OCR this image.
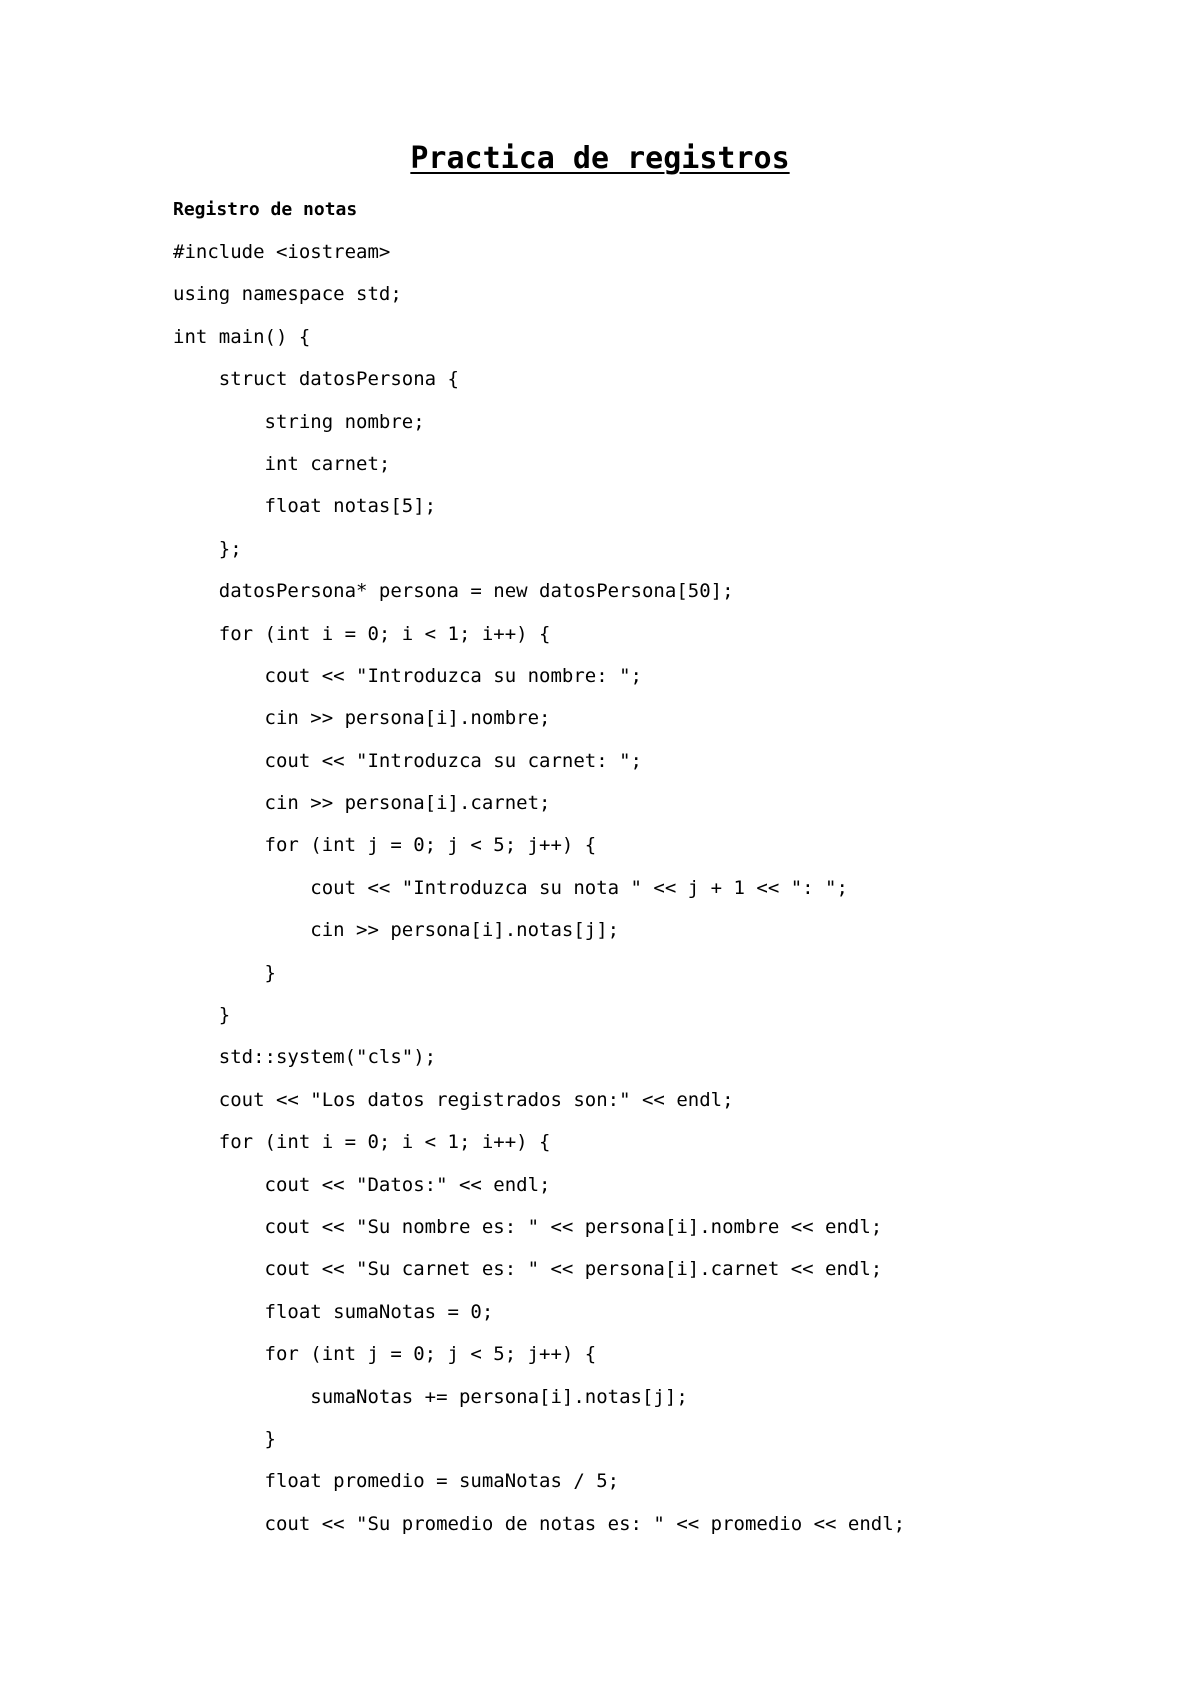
Practica de registros

Registro de notas

#include <iostream>
using namespace std;
int main() {
struct datosPersona {
string nombre;
int carnet;
float notas[5];
};
datosPersona* persona = new datosPersona[50];
for (int i = 0; i < 1; i++) {
cout << "Introduzca su nombre: ";
cin >> persona[i].nombre;
cout << "Introduzca su carnet: ";
cin >> persona[i].carnet;
for (int j = 0; j < 5; j++) {
cout << "Introduzca su nota " << j + 1 << ": ";
cin >> persona[i].notas[j];
}
}
std::system("cls");
cout << "Los datos registrados son:" << endl;
for (int i = 0; i < 1; i++) {
cout << "Datos:" << endl;
cout << "Su nombre es: " << persona[i].nombre << endl;
cout << "Su carnet es: " << persona[i].carnet << endl;
float sumaNotas = 0;
for (int j = 0; j < 5; j++) {
sumaNotas += persona[i].notas[j];
}
float promedio = sumaNotas / 5;
cout << "Su promedio de notas es: " << promedio << endl;
